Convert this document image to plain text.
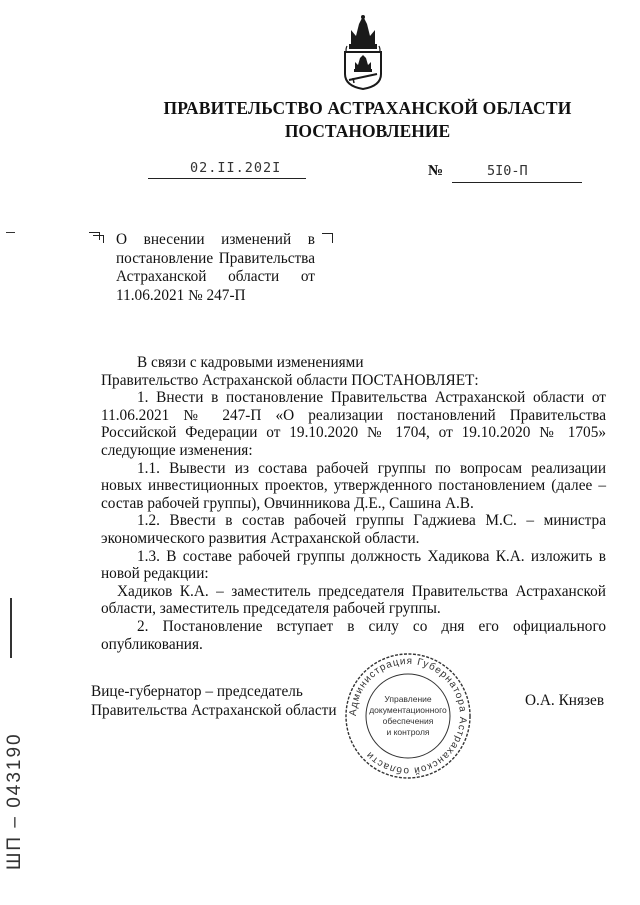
ПРАВИТЕЛЬСТВО АСТРАХАНСКОЙ ОБЛАСТИ
ПОСТАНОВЛЕНИЕ
02.II.202I	№	5I0-П
О внесении изменений в постановление Правительства Астраханской области от 11.06.2021 № 247-П
В связи с кадровыми изменениями
Правительство Астраханской области ПОСТАНОВЛЯЕТ:
1. Внести в постановление Правительства Астраханской области от 11.06.2021 № 247-П «О реализации постановлений Правительства Российской Федерации от 19.10.2020 № 1704, от 19.10.2020 № 1705» следующие изменения:
1.1. Вывести из состава рабочей группы по вопросам реализации новых инвестиционных проектов, утвержденного постановлением (далее – состав рабочей группы), Овчинникова Д.Е., Сашина А.В.
1.2. Ввести в состав рабочей группы Гаджиева М.С. – министра экономического развития Астраханской области.
1.3. В составе рабочей группы должность Хадикова К.А. изложить в новой редакции:
Хадиков К.А. – заместитель председателя Правительства Астраханской области, заместитель председателя рабочей группы.
2. Постановление вступает в силу со дня его официального опубликования.
Вице-губернатор – председатель
Правительства Астраханской области
О.А. Князев
Администрация Губернатора Астраханской области
Управление
документационного
обеспечения
и контроля
ШП – 043190
